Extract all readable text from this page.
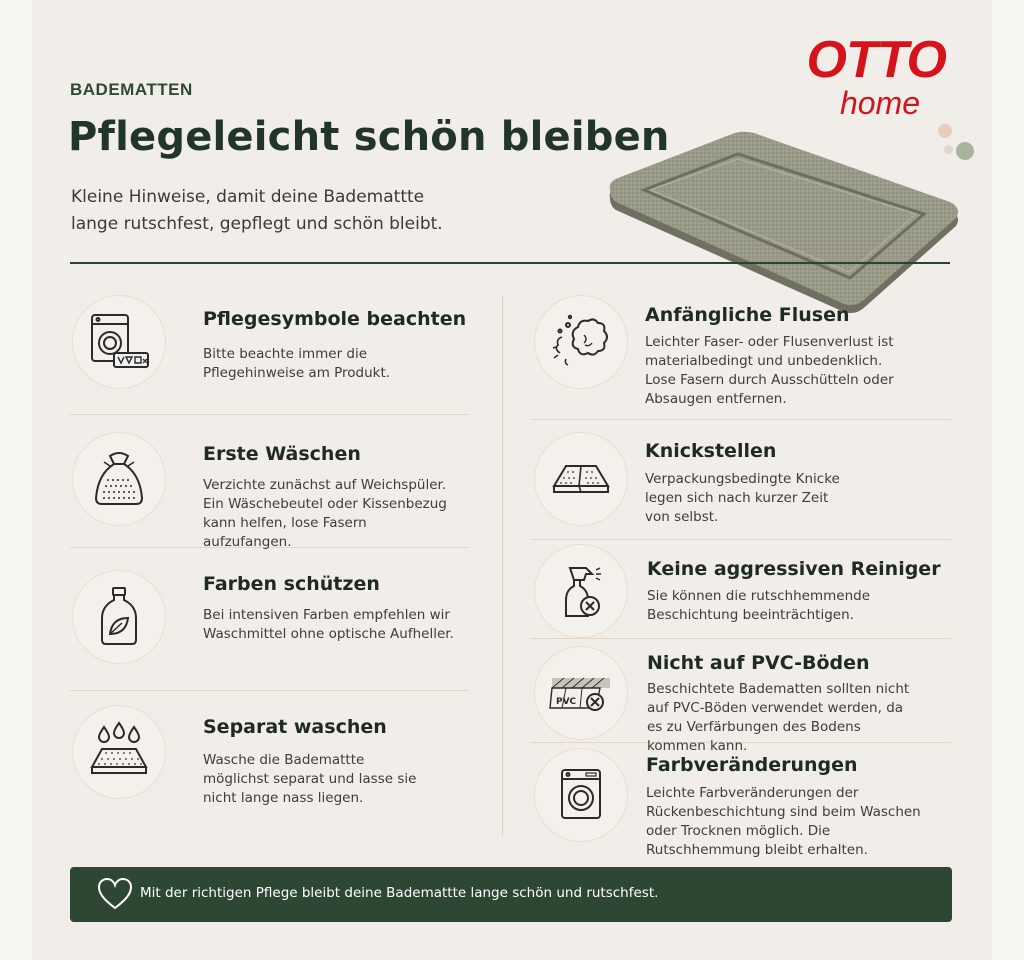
BADEMATTEN
Pflegeleicht schön bleiben
Kleine Hinweise, damit deine Bademattte lange rutschfest, gepflegt und schön bleibt.
OTTO
home
Pflegesymbole beachten
Bitte beachte immer die Pflegehinweise am Produkt.
Erste Wäschen
Verzichte zunächst auf Weichspüler. Ein Wäschebeutel oder Kissenbezug kann helfen, lose Fasern aufzufangen.
Farben schützen
Bei intensiven Farben empfehlen wir Waschmittel ohne optische Aufheller.
Separat waschen
Wasche die Bademattte möglichst separat und lasse sie nicht lange nass liegen.
Anfängliche Flusen
Leichter Faser- oder Flusenverlust ist materialbedingt und unbedenklich. Lose Fasern durch Ausschütteln oder Absaugen entfernen.
Knickstellen
Verpackungsbedingte Knicke legen sich nach kurzer Zeit von selbst.
Keine aggressiven Reiniger
Sie können die rutschhemmende Beschichtung beeinträchtigen.
PVC
Nicht auf PVC-Böden
Beschichtete Badematten sollten nicht auf PVC-Böden verwendet werden, da es zu Verfärbungen des Bodens kommen kann.
Farbveränderungen
Leichte Farbveränderungen der Rückenbeschichtung sind beim Waschen oder Trocknen möglich. Die Rutschhemmung bleibt erhalten.
Mit der richtigen Pflege bleibt deine Bademattte lange schön und rutschfest.
